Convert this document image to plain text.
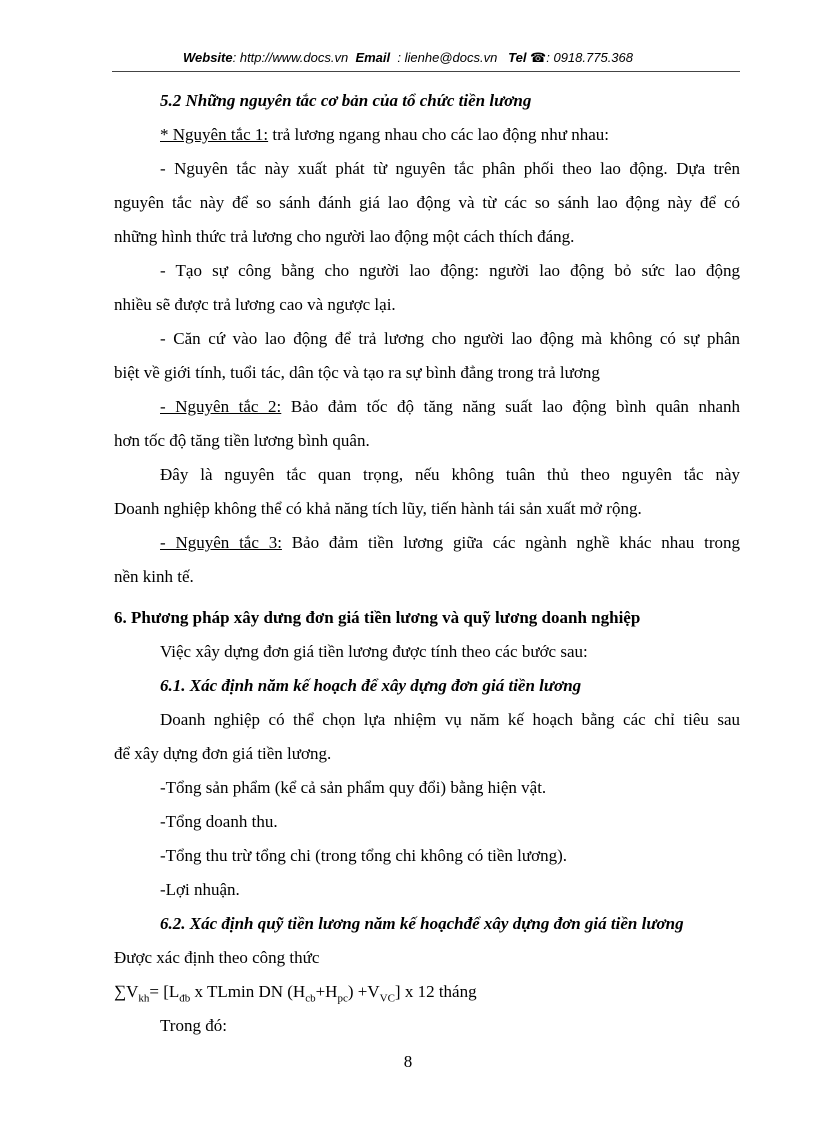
Website: http://www.docs.vn Email : lienhe@docs.vn Tel ☎: 0918.775.368
5.2 Những nguyên tắc cơ bản của tổ chức tiền lương
* Nguyên tắc 1: trả lương ngang nhau cho các lao động như nhau:
- Nguyên tắc này xuất phát từ nguyên tắc phân phối theo lao động. Dựa trên
nguyên tắc này để so sánh đánh giá lao động và từ các so sánh lao động này để có
những hình thức trả lương cho người lao động một cách thích đáng.
- Tạo sự công bằng cho người lao động: người lao động bỏ sức lao động
nhiều sẽ được trả lương cao và ngược lại.
- Căn cứ vào lao động để trả lương cho người lao động mà không có sự phân
biệt về giới tính, tuổi tác, dân tộc và tạo ra sự bình đẳng trong trả lương
- Nguyên tắc 2: Bảo đảm tốc độ tăng năng suất lao động bình quân nhanh
hơn tốc độ tăng tiền lương bình quân.
Đây là nguyên tắc quan trọng, nếu không tuân thủ theo nguyên tắc này
Doanh nghiệp không thể có khả năng tích lũy, tiến hành tái sản xuất mở rộng.
- Nguyên tắc 3: Bảo đảm tiền lương giữa các ngành nghề khác nhau trong
nền kinh tế.
6. Phương pháp xây dưng đơn giá tiền lương và quỹ lương doanh nghiệp
Việc xây dựng đơn giá tiền lương được tính theo các bước sau:
6.1. Xác định năm kế hoạch để xây dựng đơn giá tiền lương
Doanh nghiệp có thể chọn lựa nhiệm vụ năm kế hoạch bằng các chỉ tiêu sau
để xây dựng đơn giá tiền lương.
-Tổng sản phẩm (kể cả sản phẩm quy đổi) bằng hiện vật.
-Tổng doanh thu.
-Tổng thu trừ tổng chi (trong tổng chi không có tiền lương).
-Lợi nhuận.
6.2. Xác định quỹ tiền lương năm kế hoạchđể xây dựng đơn giá tiền lương
Được xác định theo công thức
$\sum V_{kh}= [L_{đb}$ x TLmin DN $(H_{cb}+H_{pc}) +V_{VC}$] x 12 tháng
Trong đó:
8
